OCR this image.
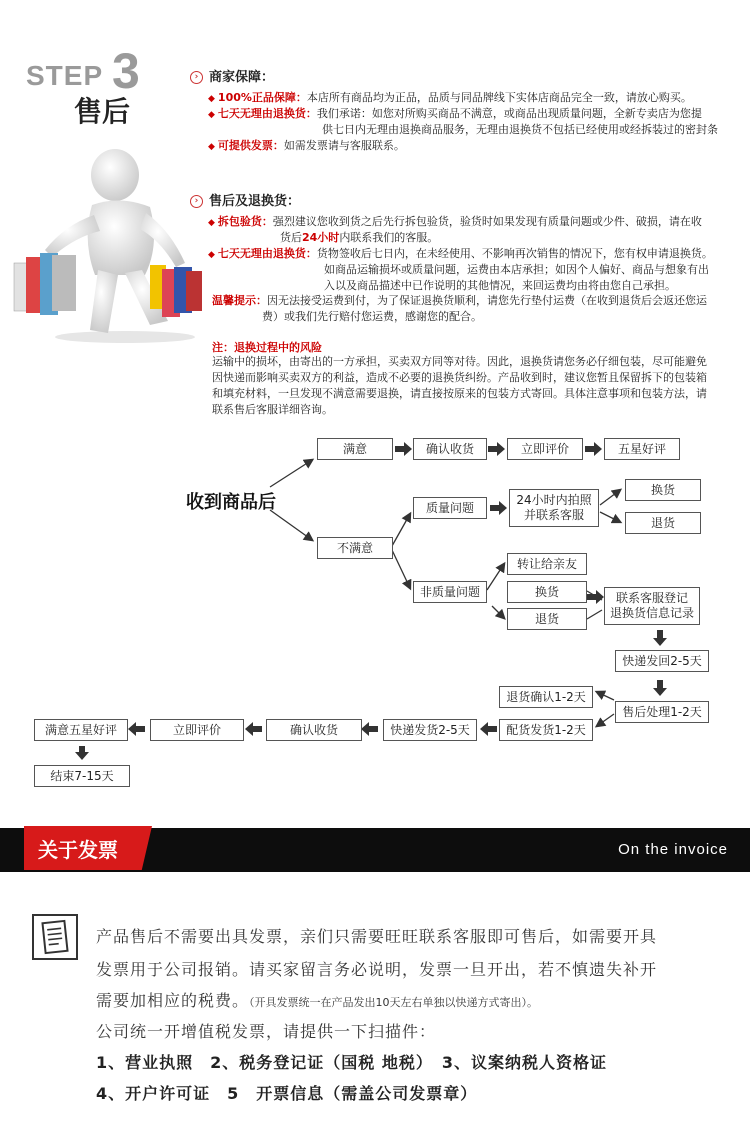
STEP 3
售后
› 商家保障：
◆ 100%正品保障：本店所有商品均为正品，品质与同品牌线下实体店商品完全一致，请放心购买。
◆ 七天无理由退换货：我们承诺：如您对所购买商品不满意，或商品出现质量问题，全新专卖店为您提
供七日内无理由退换商品服务，无理由退换货不包括已经使用或经拆装过的密封条
◆ 可提供发票：如需发票请与客服联系。
› 售后及退换货：
◆ 拆包验货：强烈建议您收到货之后先行拆包验货，验货时如果发现有质量问题或少件、破损，请在收
货后24小时内联系我们的客服。
◆ 七天无理由退换货：货物签收后七日内，在未经使用、不影响再次销售的情况下，您有权申请退换货。
如商品运输损坏或质量问题，运费由本店承担；如因个人偏好、商品与想象有出
入以及商品描述中已作说明的其他情况，来回运费均由将由您自己承担。
温馨提示：因无法接受运费到付，为了保证退换货顺利，请您先行垫付运费（在收到退货后会返还您运
费）或我们先行赔付您运费，感谢您的配合。
注：退换过程中的风险
运输中的损坏，由寄出的一方承担，买卖双方同等对待。因此，退换货请您务必仔细包装，尽可能避免
因快递而影响买卖双方的利益，造成不必要的退换货纠纷。产品收到时，建议您暂且保留拆下的包装箱
和填充材料，一旦发现不满意需要退换，请直接按原来的包装方式寄回。具体注意事项和包装方法，请
联系售后客服详细咨询。
收到商品后
满意	确认收货	立即评价	五星好评
不满意
质量问题
24小时内拍照
并联系客服
换货
退货
非质量问题
转让给亲友
换货
退货
联系客服登记
退换货信息记录
快递发回2-5天
售后处理1-2天
退货确认1-2天
配货发货1-2天
快递发货2-5天
确认收货
立即评价
满意五星好评
结束7-15天
关于发票	On the invoice
产品售后不需要出具发票，亲们只需要旺旺联系客服即可售后，如需要开具
发票用于公司报销。请买家留言务必说明，发票一旦开出，若不慎遗失补开
需要加相应的税费。（开具发票统一在产品发出10天左右单独以快递方式寄出）。
公司统一开增值税发票，请提供一下扫描件：
1、营业执照　2、税务登记证（国税 地税）　3、议案纳税人资格证
4、开户许可证　5　开票信息（需盖公司发票章）
